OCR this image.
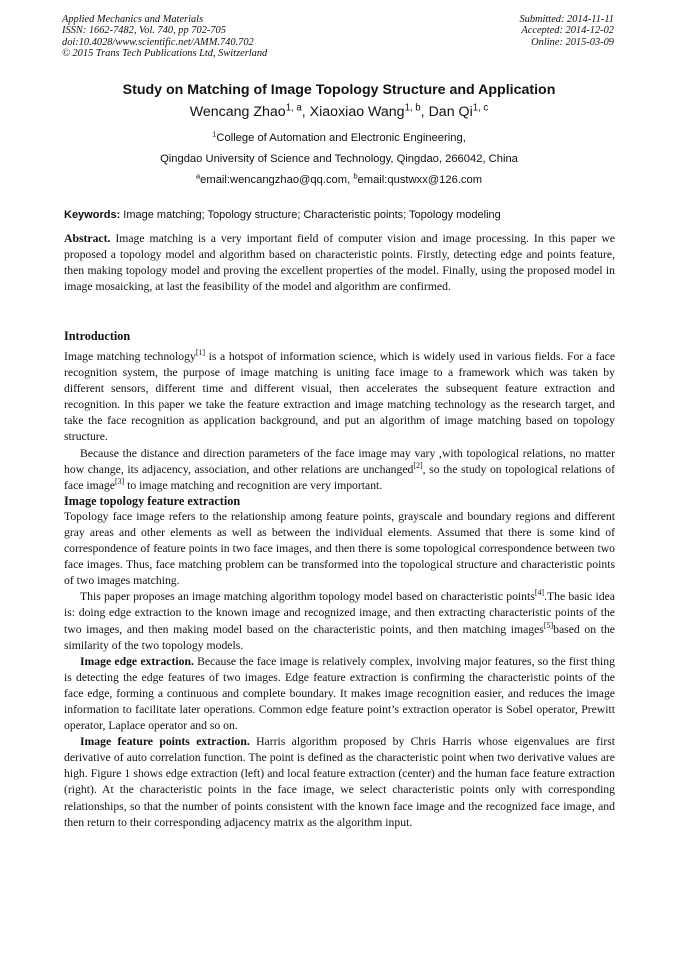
Applied Mechanics and Materials
ISSN: 1662-7482, Vol. 740, pp 702-705
doi:10.4028/www.scientific.net/AMM.740.702
© 2015 Trans Tech Publications Ltd, Switzerland
Submitted: 2014-11-11
Accepted: 2014-12-02
Online: 2015-03-09
Study on Matching of Image Topology Structure and Application
Wencang Zhao$^{1, a}$, Xiaoxiao Wang$^{1, b}$, Dan Qi$^{1, c}$
$^1$College of Automation and Electronic Engineering,
Qingdao University of Science and Technology, Qingdao, 266042, China
$^a$email:wencangzhao@qq.com, $^b$email:qustwxx@126.com
Keywords: Image matching; Topology structure; Characteristic points; Topology modeling

Abstract. Image matching is a very important field of computer vision and image processing. In this paper we proposed a topology model and algorithm based on characteristic points. Firstly, detecting edge and points feature, then making topology model and proving the excellent properties of the model. Finally, using the proposed model in image mosaicking, at last the feasibility of the model and algorithm are confirmed.

Introduction

Image matching technology[1] is a hotspot of information science, which is widely used in various fields. For a face recognition system, the purpose of image matching is uniting face image to a framework which was taken by different sensors, different time and different visual, then accelerates the subsequent feature extraction and recognition. In this paper we take the feature extraction and image matching technology as the research target, and take the face recognition as application background, and put an algorithm of image matching based on topology structure.

Because the distance and direction parameters of the face image may vary ,with topological relations, no matter how change, its adjacency, association, and other relations are unchanged[2], so the study on topological relations of face image[3] to image matching and recognition are very important.

Image topology feature extraction

Topology face image refers to the relationship among feature points, grayscale and boundary regions and different gray areas and other elements as well as between the individual elements. Assumed that there is some kind of correspondence of feature points in two face images, and then there is some topological correspondence between two face images. Thus, face matching problem can be transformed into the topological structure and characteristic points of two images matching.

This paper proposes an image matching algorithm topology model based on characteristic points[4].The basic idea is: doing edge extraction to the known image and recognized image, and then extracting characteristic points of the two images, and then making model based on the characteristic points, and then matching images[5]based on the similarity of the two topology models.

Image edge extraction. Because the face image is relatively complex, involving major features, so the first thing is detecting the edge features of two images. Edge feature extraction is confirming the characteristic points of the face edge, forming a continuous and complete boundary. It makes image recognition easier, and reduces the image information to facilitate later operations. Common edge feature point’s extraction operator is Sobel operator, Prewitt operator, Laplace operator and so on.

Image feature points extraction. Harris algorithm proposed by Chris Harris whose eigenvalues are first derivative of auto correlation function. The point is defined as the characteristic point when two derivative values are high. Figure 1 shows edge extraction (left) and local feature extraction (center) and the human face feature extraction (right). At the characteristic points in the face image, we select characteristic points only with corresponding relationships, so that the number of points consistent with the known face image and the recognized face image, and then return to their corresponding adjacency matrix as the algorithm input.
